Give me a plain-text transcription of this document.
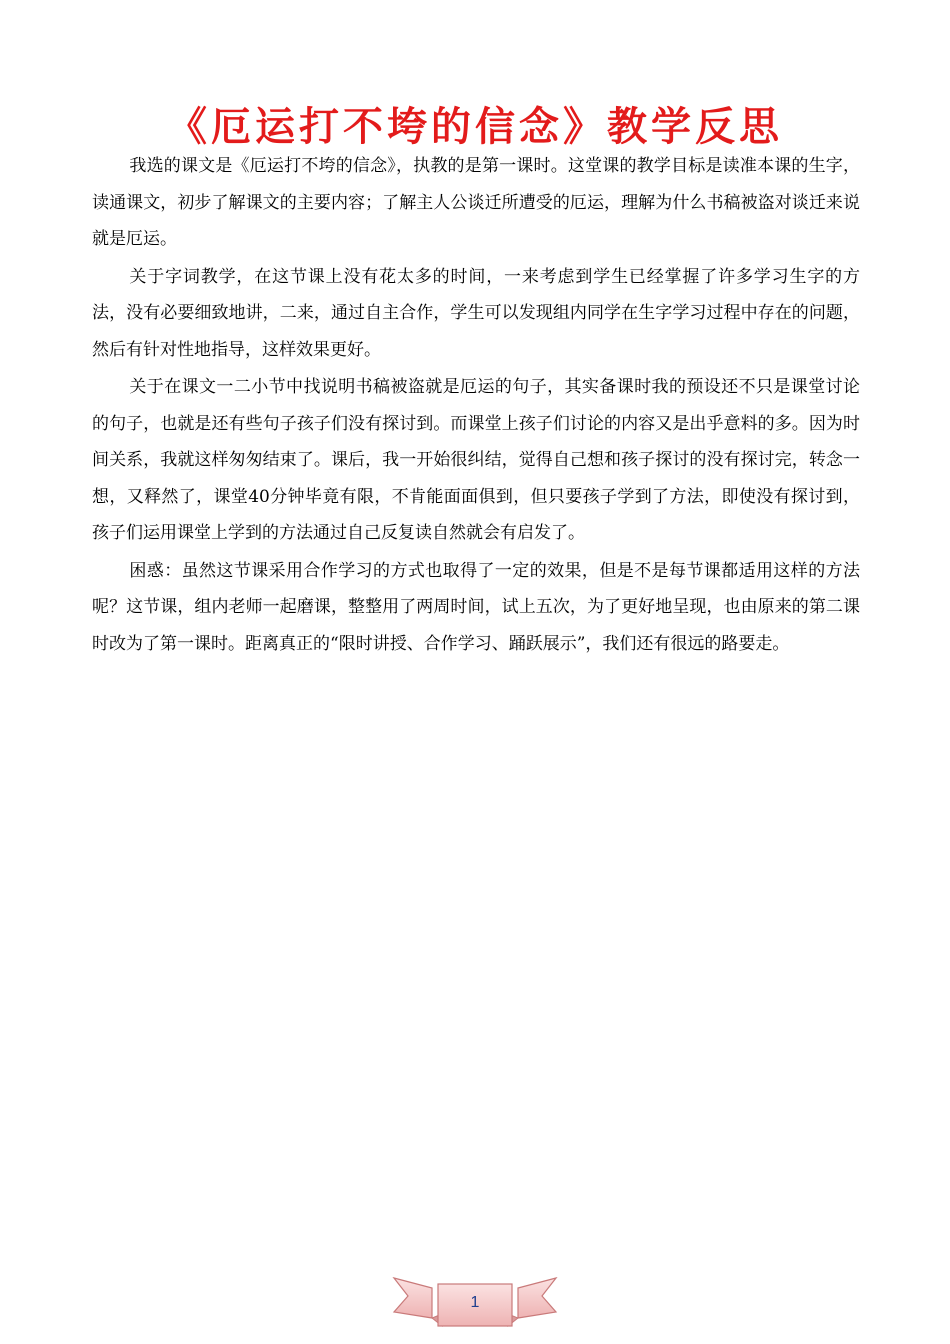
《厄运打不垮的信念》教学反思

我选的课文是《厄运打不垮的信念》，执教的是第一课时。这堂课的教学目标是读准本课的生字，读通课文，初步了解课文的主要内容；了解主人公谈迁所遭受的厄运，理解为什么书稿被盗对谈迁来说就是厄运。

关于字词教学，在这节课上没有花太多的时间，一来考虑到学生已经掌握了许多学习生字的方法，没有必要细致地讲，二来，通过自主合作，学生可以发现组内同学在生字学习过程中存在的问题，然后有针对性地指导，这样效果更好。

关于在课文一二小节中找说明书稿被盗就是厄运的句子，其实备课时我的预设还不只是课堂讨论的句子，也就是还有些句子孩子们没有探讨到。而课堂上孩子们讨论的内容又是出乎意料的多。因为时间关系，我就这样匆匆结束了。课后，我一开始很纠结，觉得自己想和孩子探讨的没有探讨完，转念一想，又释然了，课堂40分钟毕竟有限，不肯能面面俱到，但只要孩子学到了方法，即使没有探讨到，孩子们运用课堂上学到的方法通过自己反复读自然就会有启发了。

困惑：虽然这节课采用合作学习的方式也取得了一定的效果，但是不是每节课都适用这样的方法呢？这节课，组内老师一起磨课，整整用了两周时间，试上五次，为了更好地呈现，也由原来的第二课时改为了第一课时。距离真正的“限时讲授、合作学习、踊跃展示”，我们还有很远的路要走。

1
